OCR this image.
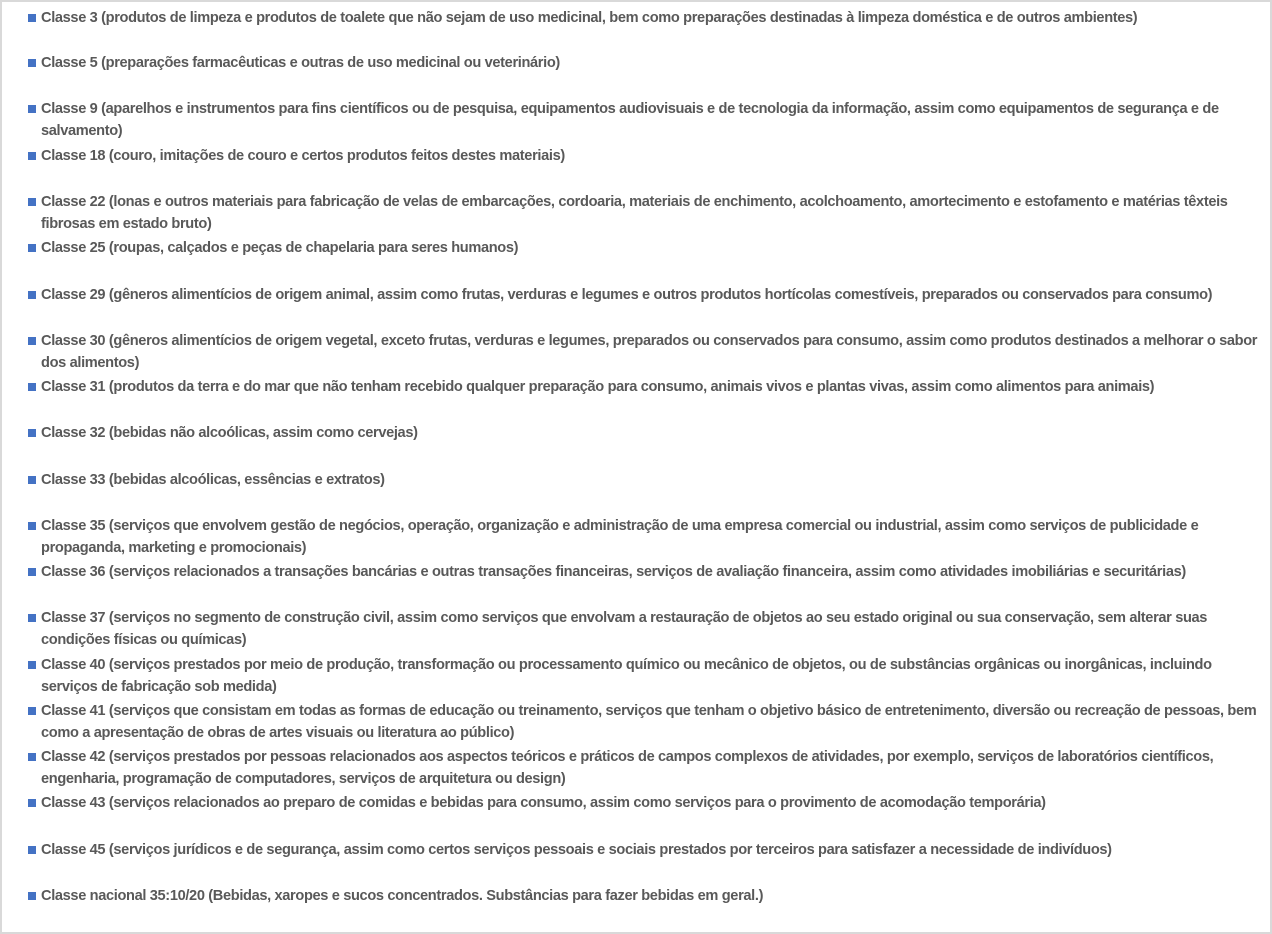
Classe 3 (produtos de limpeza e produtos de toalete que não sejam de uso medicinal, bem como preparações destinadas à limpeza doméstica e de outros ambientes)
Classe 5 (preparações farmacêuticas e outras de uso medicinal ou veterinário)
Classe 9 (aparelhos e instrumentos para fins científicos ou de pesquisa, equipamentos audiovisuais e de tecnologia da informação, assim como equipamentos de segurança e de salvamento)
Classe 18 (couro, imitações de couro e certos produtos feitos destes materiais)
Classe 22 (lonas e outros materiais para fabricação de velas de embarcações, cordoaria, materiais de enchimento, acolchoamento, amortecimento e estofamento e matérias têxteis fibrosas em estado bruto)
Classe 25 (roupas, calçados e peças de chapelaria para seres humanos)
Classe 29 (gêneros alimentícios de origem animal, assim como frutas, verduras e legumes e outros produtos hortícolas comestíveis, preparados ou conservados para consumo)
Classe 30 (gêneros alimentícios de origem vegetal, exceto frutas, verduras e legumes, preparados ou conservados para consumo, assim como produtos destinados a melhorar o sabor dos alimentos)
Classe 31 (produtos da terra e do mar que não tenham recebido qualquer preparação para consumo, animais vivos e plantas vivas, assim como alimentos para animais)
Classe 32 (bebidas não alcoólicas, assim como cervejas)
Classe 33 (bebidas alcoólicas, essências e extratos)
Classe 35 (serviços que envolvem gestão de negócios, operação, organização e administração de uma empresa comercial ou industrial, assim como serviços de publicidade e propaganda, marketing e promocionais)
Classe 36 (serviços relacionados a transações bancárias e outras transações financeiras, serviços de avaliação financeira, assim como atividades imobiliárias e securitárias)
Classe 37 (serviços no segmento de construção civil, assim como serviços que envolvam a restauração de objetos ao seu estado original ou sua conservação, sem alterar suas condições físicas ou químicas)
Classe 40 (serviços prestados por meio de produção, transformação ou processamento químico ou mecânico de objetos, ou de substâncias orgânicas ou inorgânicas, incluindo serviços de fabricação sob medida)
Classe 41 (serviços que consistam em todas as formas de educação ou treinamento, serviços que tenham o objetivo básico de entretenimento, diversão ou recreação de pessoas, bem como a apresentação de obras de artes visuais ou literatura ao público)
Classe 42 (serviços prestados por pessoas relacionados aos aspectos teóricos e práticos de campos complexos de atividades, por exemplo, serviços de laboratórios científicos, engenharia, programação de computadores, serviços de arquitetura ou design)
Classe 43 (serviços relacionados ao preparo de comidas e bebidas para consumo, assim como serviços para o provimento de acomodação temporária)
Classe 45 (serviços jurídicos e de segurança, assim como certos serviços pessoais e sociais prestados por terceiros para satisfazer a necessidade de indivíduos)
Classe nacional 35:10/20 (Bebidas, xaropes e sucos concentrados. Substâncias para fazer bebidas em geral.)
